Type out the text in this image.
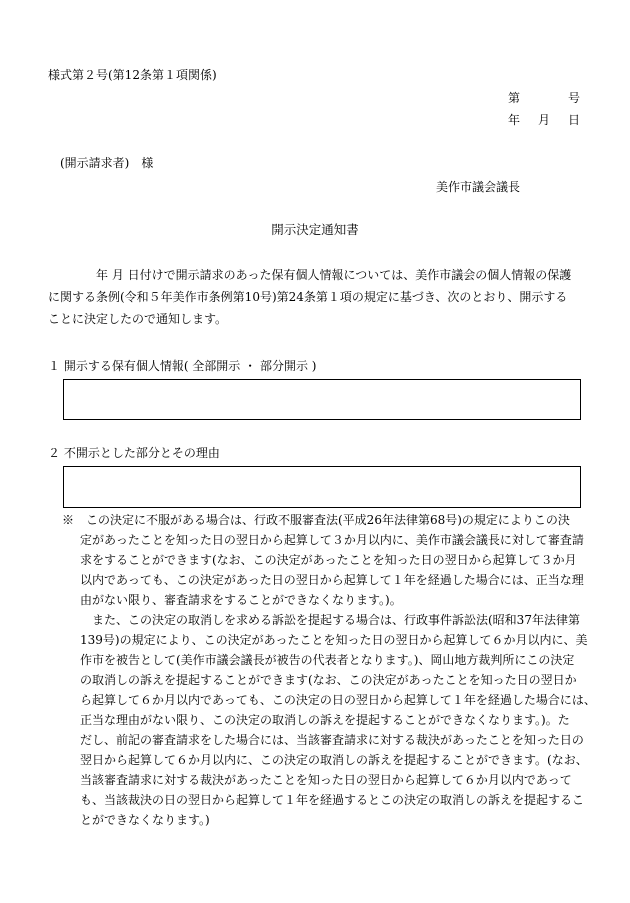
様式第２号(第12条第１項関係)
第　　　号
年　月　日
(開示請求者)　様
美作市議会議長
開示決定通知書
年 月 日付けで開示請求のあった保有個人情報については、美作市議会の個人情報の保護
に関する条例(令和５年美作市条例第10号)第24条第１項の規定に基づき、次のとおり、開示する
ことに決定したので通知します。
１ 開示する保有個人情報( 全部開示 ・ 部分開示 )
２ 不開示とした部分とその理由
※　この決定に不服がある場合は、行政不服審査法(平成26年法律第68号)の規定によりこの決
定があったことを知った日の翌日から起算して３か月以内に、美作市議会議長に対して審査請
求をすることができます(なお、この決定があったことを知った日の翌日から起算して３か月
以内であっても、この決定があった日の翌日から起算して１年を経過した場合には、正当な理
由がない限り、審査請求をすることができなくなります。)。
また、この決定の取消しを求める訴訟を提起する場合は、行政事件訴訟法(昭和37年法律第
139号)の規定により、この決定があったことを知った日の翌日から起算して６か月以内に、美
作市を被告として(美作市議会議長が被告の代表者となります。)、岡山地方裁判所にこの決定
の取消しの訴えを提起することができます(なお、この決定があったことを知った日の翌日か
ら起算して６か月以内であっても、この決定の日の翌日から起算して１年を経過した場合には、
正当な理由がない限り、この決定の取消しの訴えを提起することができなくなります。)。た
だし、前記の審査請求をした場合には、当該審査請求に対する裁決があったことを知った日の
翌日から起算して６か月以内に、この決定の取消しの訴えを提起することができます。(なお、
当該審査請求に対する裁決があったことを知った日の翌日から起算して６か月以内であって
も、当該裁決の日の翌日から起算して１年を経過するとこの決定の取消しの訴えを提起するこ
とができなくなります。)
